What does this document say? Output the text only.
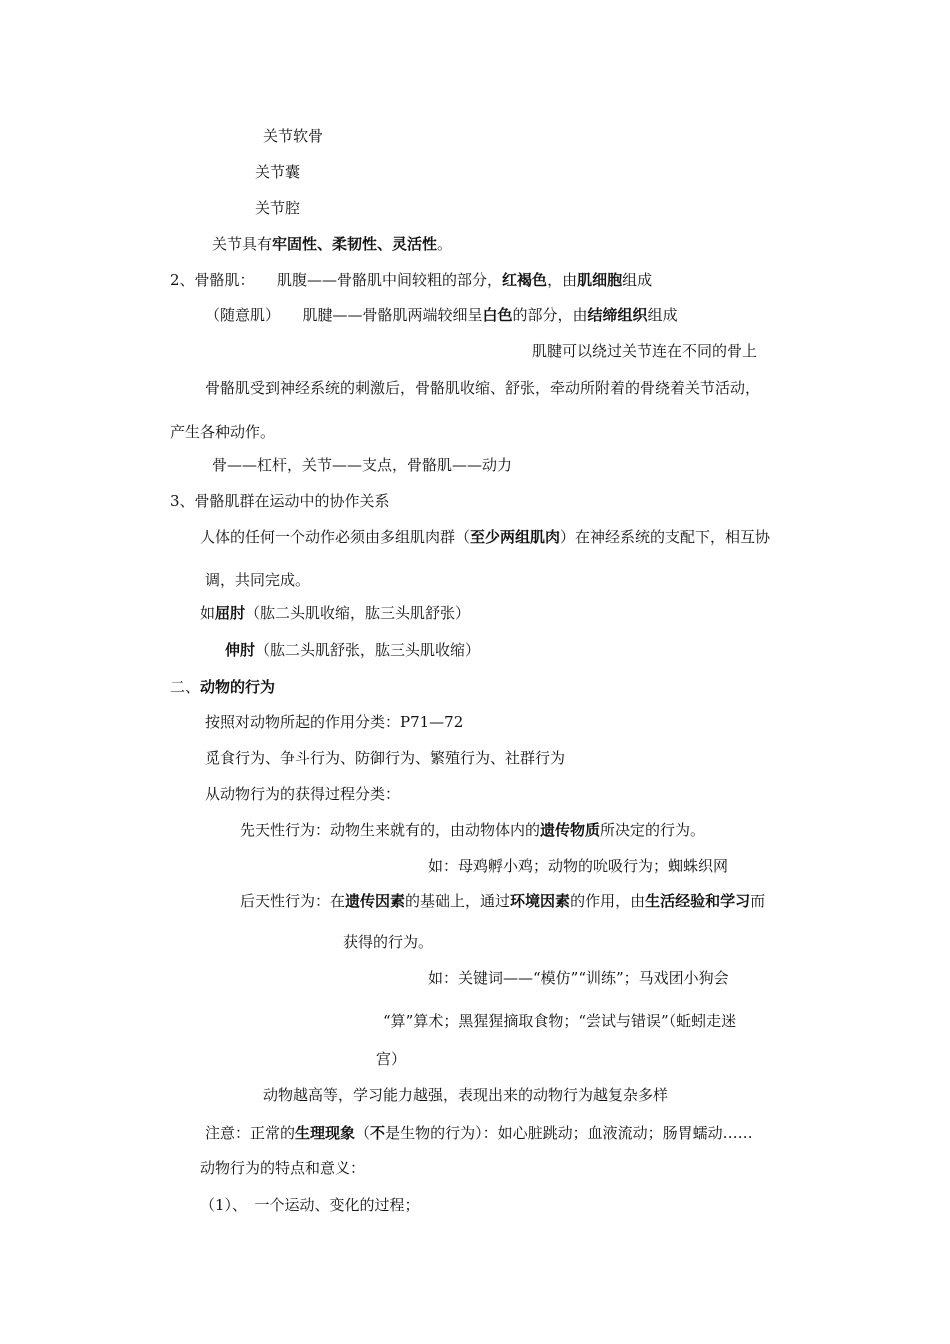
关节软骨
关节囊
关节腔
关节具有牢固性、柔韧性、灵活性。
2、骨骼肌：　　肌腹——骨骼肌中间较粗的部分，红褐色，由肌细胞组成
（随意肌）　　肌腱——骨骼肌两端较细呈白色的部分，由结缔组织组成
肌腱可以绕过关节连在不同的骨上
骨骼肌受到神经系统的刺激后，骨骼肌收缩、舒张，牵动所附着的骨绕着关节活动，
产生各种动作。
骨——杠杆，关节——支点，骨骼肌——动力
3、骨骼肌群在运动中的协作关系
人体的任何一个动作必须由多组肌肉群（至少两组肌肉）在神经系统的支配下，相互协
调，共同完成。
如屈肘（肱二头肌收缩，肱三头肌舒张）
伸肘（肱二头肌舒张，肱三头肌收缩）
二、动物的行为
按照对动物所起的作用分类：P71—72
觅食行为、争斗行为、防御行为、繁殖行为、社群行为
从动物行为的获得过程分类：
先天性行为：动物生来就有的，由动物体内的遗传物质所决定的行为。
如：母鸡孵小鸡；动物的吮吸行为；蜘蛛织网
后天性行为：在遗传因素的基础上，通过环境因素的作用，由生活经验和学习而
获得的行为。
如：关键词——“模仿”“训练”；马戏团小狗会
“算”算术；黑猩猩摘取食物；“尝试与错误”（蚯蚓走迷
宫）
动物越高等，学习能力越强，表现出来的动物行为越复杂多样
注意：正常的生理现象（不是生物的行为）：如心脏跳动；血液流动；肠胃蠕动……
动物行为的特点和意义：
（1）、　一个运动、变化的过程；
